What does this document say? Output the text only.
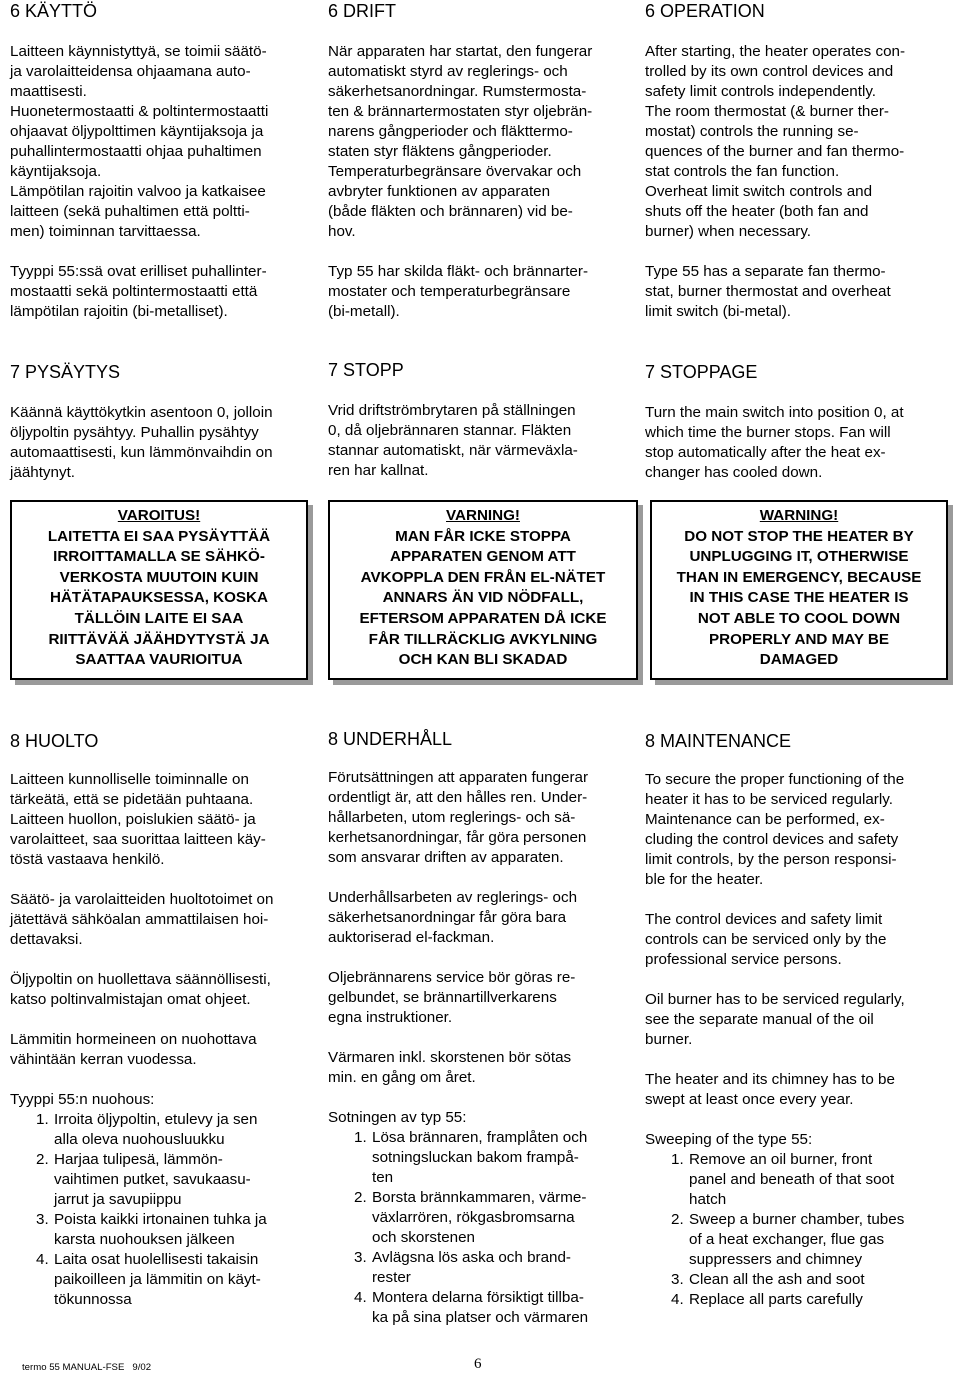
6 KÄYTTÖ

Laitteen käynnistyttyä, se toimii säätö-
ja varolaitteidensa ohjaamana auto-
maattisesti.
Huonetermostaatti & poltintermostaatti
ohjaavat öljypolttimen käyntijaksoja ja
puhallintermostaatti ohjaa puhaltimen
käyntijaksoja.
Lämpötilan rajoitin valvoo ja katkaisee
laitteen (sekä puhaltimen että poltti-
men) toiminnan tarvittaessa.

Tyyppi 55:ssä ovat erilliset puhallinter-
mostaatti sekä poltintermostaatti että
lämpötilan rajoitin (bi-metalliset).

6 DRIFT

När apparaten har startat, den fungerar
automatiskt styrd av reglerings- och
säkerhetsanordningar. Rumstermosta-
ten & brännartermostaten styr oljebrän-
narens gångperioder och fläkttermo-
staten styr fläktens gångperioder.
Temperaturbegränsare övervakar och
avbryter funktionen av apparaten
(både fläkten och brännaren) vid be-
hov.

Typ 55 har skilda fläkt- och brännarter-
mostater och temperaturbegränsare
(bi-metall).

6 OPERATION

After starting, the heater operates con-
trolled by its own control devices and
safety limit controls independently.
The room thermostat (& burner ther-
mostat) controls the running se-
quences of the burner and fan thermo-
stat controls the fan function.
Overheat limit switch controls and
shuts off the heater (both fan and
burner) when necessary.

Type 55 has a separate fan thermo-
stat, burner thermostat and overheat
limit switch (bi-metal).

7 PYSÄYTYS

Käännä käyttökytkin asentoon 0, jolloin
öljypoltin pysähtyy. Puhallin pysähtyy
automaattisesti, kun lämmönvaihdin on
jäähtynyt.

7 STOPP

Vrid driftströmbrytaren på ställningen
0, då oljebrännaren stannar. Fläkten
stannar automatiskt, när värmeväxla-
ren har kallnat.

7 STOPPAGE

Turn the main switch into position 0, at
which time the burner stops. Fan will
stop automatically after the heat ex-
changer has cooled down.

VAROITUS!
LAITETTA EI SAA PYSÄYTTÄÄ
IRROITTAMALLA SE SÄHKÖ-
VERKOSTA MUUTOIN KUIN
HÄTÄTAPAUKSESSA, KOSKA
TÄLLÖIN LAITE EI SAA
RIITTÄVÄÄ JÄÄHDYTYSTÄ JA
SAATTAA VAURIOITUA
VARNING!
MAN FÅR ICKE STOPPA
APPARATEN GENOM ATT
AVKOPPLA DEN FRÅN EL-NÄTET
ANNARS ÄN VID NÖDFALL,
EFTERSOM APPARATEN DÅ ICKE
FÅR TILLRÄCKLIG AVKYLNING
OCH KAN BLI SKADAD
WARNING!
DO NOT STOP THE HEATER BY
UNPLUGGING IT, OTHERWISE
THAN IN EMERGENCY, BECAUSE
IN THIS CASE THE HEATER IS
NOT ABLE TO COOL DOWN
PROPERLY AND MAY BE
DAMAGED
8 HUOLTO

Laitteen kunnolliselle toiminnalle on
tärkeätä, että se pidetään puhtaana.
Laitteen huollon, poislukien säätö- ja
varolaitteet, saa suorittaa laitteen käy-
töstä vastaava henkilö.

Säätö- ja varolaitteiden huoltotoimet on
jätettävä sähköalan ammattilaisen hoi-
dettavaksi.

Öljypoltin on huollettava säännöllisesti,
katso poltinvalmistajan omat ohjeet.

Lämmitin hormeineen on nuohottava
vähintään kerran vuodessa.

Tyyppi 55:n nuohous:

1. Irroita öljypoltin, etulevy ja sen
alla oleva nuohousluukku
2. Harjaa tulipesä, lämmön-
vaihtimen putket, savukaasu-
jarrut ja savupiippu
3. Poista kaikki irtonainen tuhka ja
karsta nuohouksen jälkeen
4. Laita osat huolellisesti takaisin
paikoilleen ja lämmitin on käyt-
tökunnossa
8 UNDERHÅLL

Förutsättningen att apparaten fungerar
ordentligt är, att den hålles ren. Under-
hållarbeten, utom reglerings- och sä-
kerhetsanordningar, får göra personen
som ansvarar driften av apparaten.

Underhållsarbeten av reglerings- och
säkerhetsanordningar får göra bara
auktoriserad el-fackman.

Oljebrännarens service bör göras re-
gelbundet, se brännartillverkarens
egna instruktioner.

Värmaren inkl. skorstenen bör sötas
min. en gång om året.

Sotningen av typ 55:

1. Lösa brännaren, framplåten och
sotningsluckan bakom frampå-
ten
2. Borsta brännkammaren, värme-
växlarrören, rökgasbromsarna
och skorstenen
3. Avlägsna lös aska och brand-
rester
4. Montera delarna försiktigt tillba-
ka på sina platser och värmaren
8 MAINTENANCE

To secure the proper functioning of the
heater it has to be serviced regularly.
Maintenance can be performed, ex-
cluding the control devices and safety
limit controls, by the person responsi-
ble for the heater.

The control devices and safety limit
controls can be serviced only by the
professional service persons.

Oil burner has to be serviced regularly,
see the separate manual of the oil
burner.

The heater and its chimney has to be
swept at least once every year.

Sweeping of the type 55:

1. Remove an oil burner, front
panel and beneath of that soot
hatch
2. Sweep a burner chamber, tubes
of a heat exchanger, flue gas
suppressers and chimney
3. Clean all the ash and soot
4. Replace all parts carefully
termo 55 MANUAL-FSE   9/02	6
